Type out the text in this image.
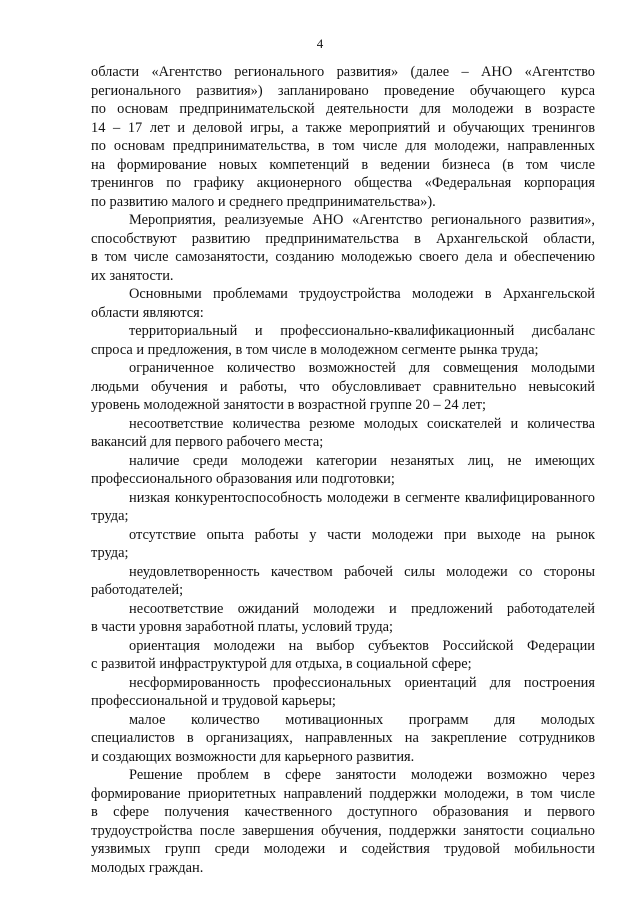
4
области «Агентство регионального развития» (далее – АНО «Агентство
регионального развития») запланировано проведение обучающего курса
по основам предпринимательской деятельности для молодежи в возрасте
14 – 17 лет и деловой игры, а также мероприятий и обучающих тренингов
по основам предпринимательства, в том числе для молодежи, направленных
на формирование новых компетенций в ведении бизнеса (в том числе
тренингов по графику акционерного общества «Федеральная корпорация
по развитию малого и среднего предпринимательства»).
Мероприятия, реализуемые АНО «Агентство регионального развития»,
способствуют развитию предпринимательства в Архангельской области,
в том числе самозанятости, созданию молодежью своего дела и обеспечению
их занятости.
Основными проблемами трудоустройства молодежи в Архангельской
области являются:
территориальный и профессионально-квалификационный дисбаланс
спроса и предложения, в том числе в молодежном сегменте рынка труда;
ограниченное количество возможностей для совмещения молодыми
людьми обучения и работы, что обусловливает сравнительно невысокий
уровень молодежной занятости в возрастной группе 20 – 24 лет;
несоответствие количества резюме молодых соискателей и количества
вакансий для первого рабочего места;
наличие среди молодежи категории незанятых лиц, не имеющих
профессионального образования или подготовки;
низкая конкурентоспособность молодежи в сегменте квалифицированного
труда;
отсутствие опыта работы у части молодежи при выходе на рынок
труда;
неудовлетворенность качеством рабочей силы молодежи со стороны
работодателей;
несоответствие ожиданий молодежи и предложений работодателей
в части уровня заработной платы, условий труда;
ориентация молодежи на выбор субъектов Российской Федерации
с развитой инфраструктурой для отдыха, в социальной сфере;
несформированность профессиональных ориентаций для построения
профессиональной и трудовой карьеры;
малое количество мотивационных программ для молодых
специалистов в организациях, направленных на закрепление сотрудников
и создающих возможности для карьерного развития.
Решение проблем в сфере занятости молодежи возможно через
формирование приоритетных направлений поддержки молодежи, в том числе
в сфере получения качественного доступного образования и первого
трудоустройства после завершения обучения, поддержки занятости социально
уязвимых групп среди молодежи и содействия трудовой мобильности
молодых граждан.
